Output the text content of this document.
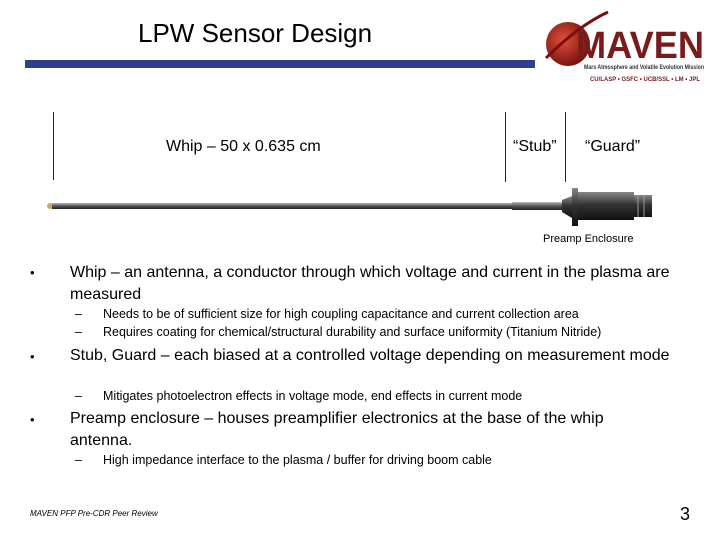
LPW Sensor Design	MAVEN
Mars Atmosphere and Volatile Evolution Mission
CU/LASP • GSFC • UCB/SSL • LM • JPL
Whip – 50 x 0.635 cm	“Stub” “Guard”
Preamp Enclosure
• Whip – an antenna, a conductor through which voltage and current in the plasma are measured
– Needs to be of sufficient size for high coupling capacitance and current collection area
– Requires coating for chemical/structural durability and surface uniformity (Titanium Nitride)
• Stub, Guard – each biased at a controlled voltage depending on measurement mode
– Mitigates photoelectron effects in voltage mode, end effects in current mode
• Preamp enclosure – houses preamplifier electronics at the base of the whip antenna.
– High impedance interface to the plasma / buffer for driving boom cable
MAVEN PFP Pre-CDR Peer Review	3
